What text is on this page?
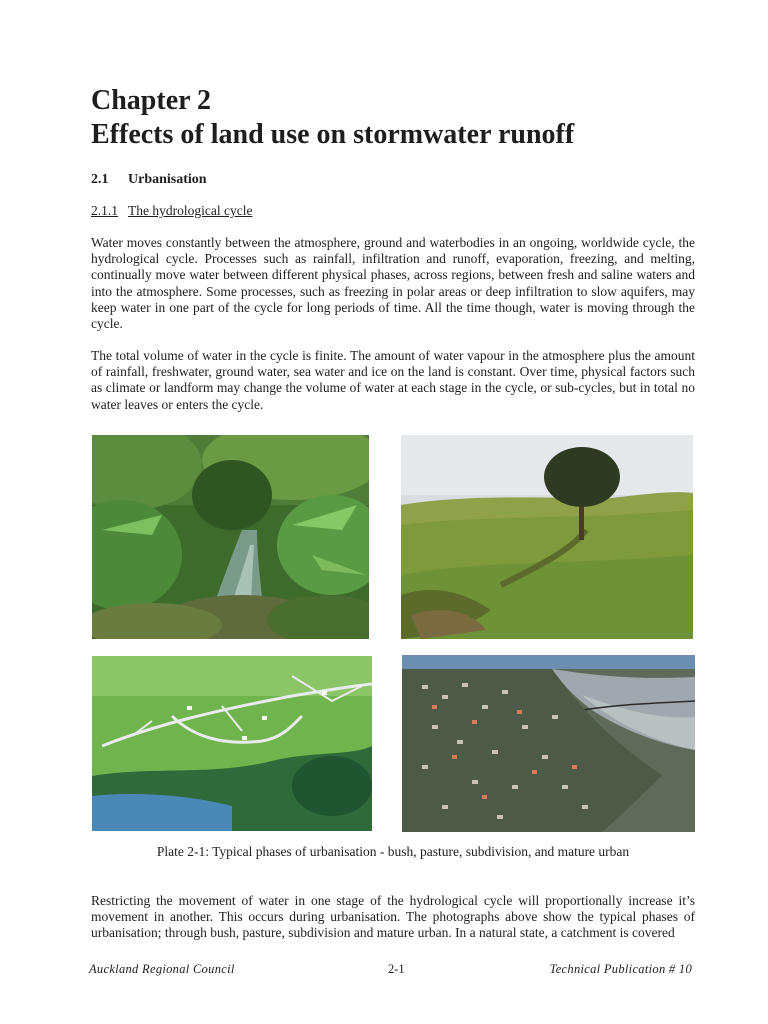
Chapter 2
Effects of land use on stormwater runoff
2.1 Urbanisation
2.1.1 The hydrological cycle

Water moves constantly between the atmosphere, ground and waterbodies in an ongoing, worldwide cycle, the hydrological cycle. Processes such as rainfall, infiltration and runoff, evaporation, freezing, and melting, continually move water between different physical phases, across regions, between fresh and saline waters and into the atmosphere. Some processes, such as freezing in polar areas or deep infiltration to slow aquifers, may keep water in one part of the cycle for long periods of time. All the time though, water is moving through the cycle.

The total volume of water in the cycle is finite. The amount of water vapour in the atmosphere plus the amount of rainfall, freshwater, ground water, sea water and ice on the land is constant. Over time, physical factors such as climate or landform may change the volume of water at each stage in the cycle, or sub-cycles, but in total no water leaves or enters the cycle.

Plate 2-1: Typical phases of urbanisation - bush, pasture, subdivision, and mature urban

Restricting the movement of water in one stage of the hydrological cycle will proportionally increase it’s movement in another. This occurs during urbanisation. The photographs above show the typical phases of urbanisation; through bush, pasture, subdivision and mature urban. In a natural state, a catchment is covered

Auckland Regional Council	2-1	Technical Publication # 10
